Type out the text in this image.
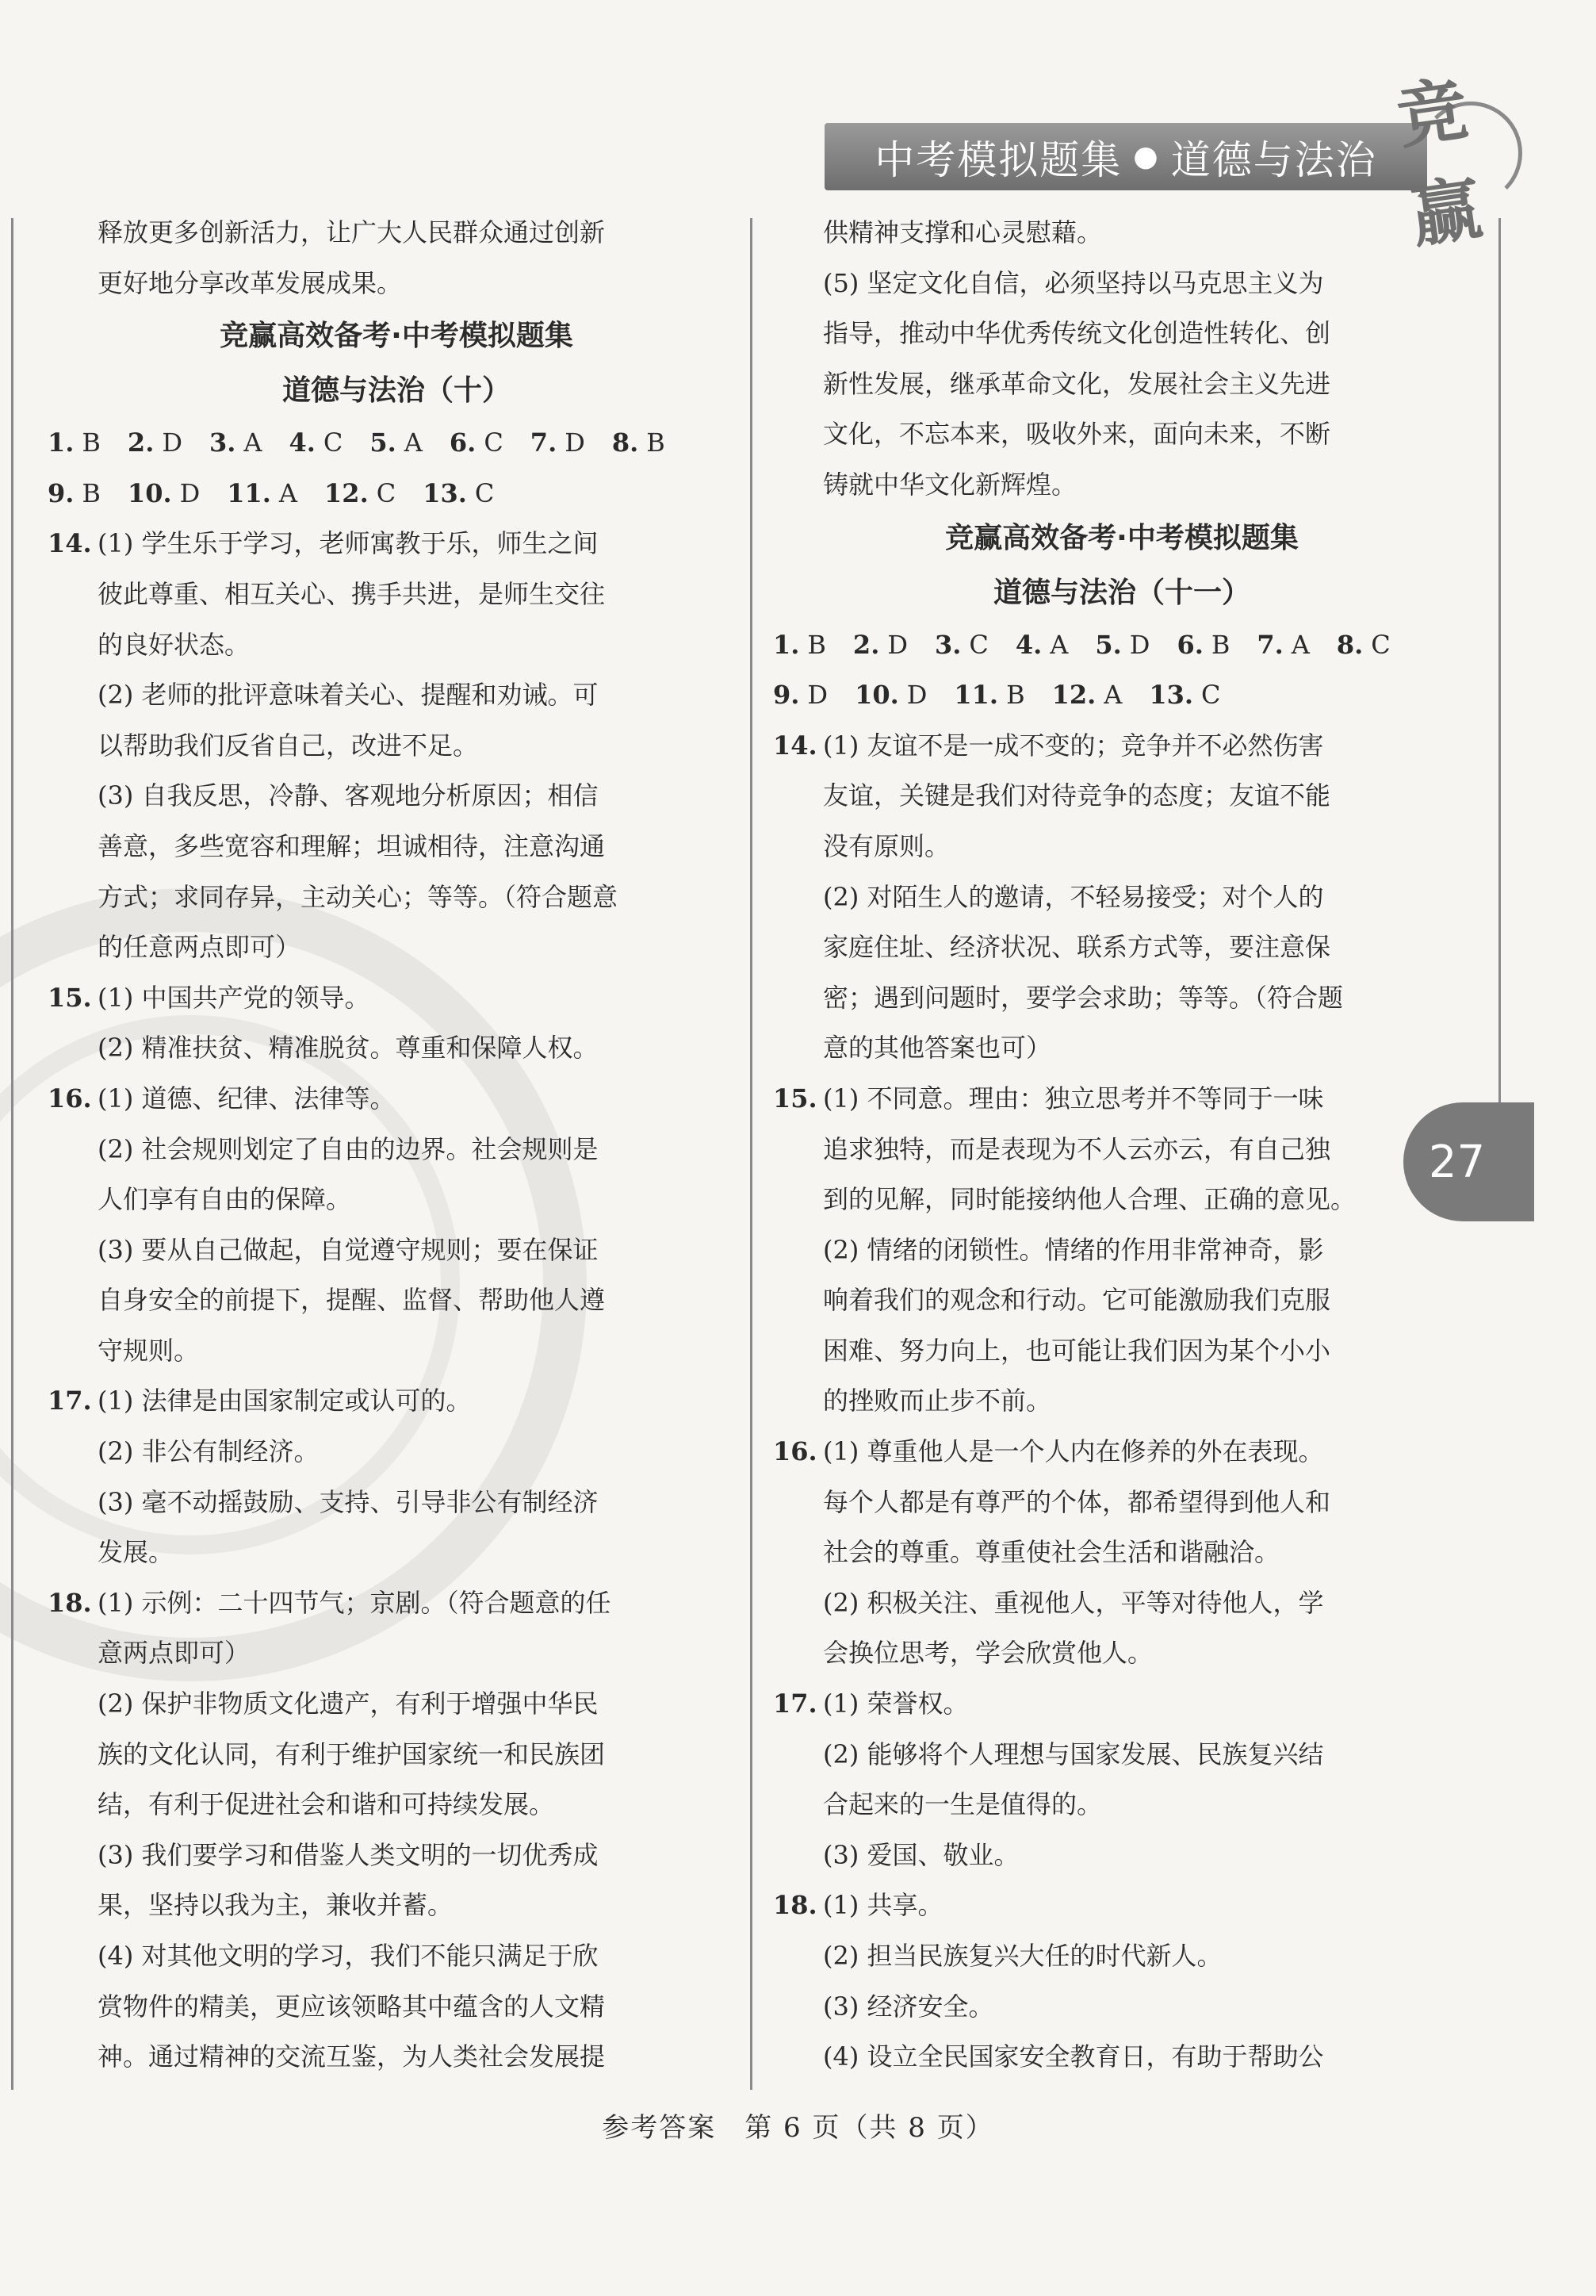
中考模拟题集 ● 道德与法治
竞赢
27
释放更多创新活力，让广大人民群众通过创新
更好地分享改革发展成果。
竞赢高效备考·中考模拟题集
道德与法治（十）
1. B 2. D 3. A 4. C 5. A 6. C 7. D 8. B
9. B 10. D 11. A 12. C 13. C
14. (1) 学生乐于学习，老师寓教于乐，师生之间
彼此尊重、相互关心、携手共进，是师生交往
的良好状态。
(2) 老师的批评意味着关心、提醒和劝诫。可
以帮助我们反省自己，改进不足。
(3) 自我反思，冷静、客观地分析原因；相信
善意，多些宽容和理解；坦诚相待，注意沟通
方式；求同存异，主动关心；等等。（符合题意
的任意两点即可）
15. (1) 中国共产党的领导。
(2) 精准扶贫、精准脱贫。尊重和保障人权。
16. (1) 道德、纪律、法律等。
(2) 社会规则划定了自由的边界。社会规则是
人们享有自由的保障。
(3) 要从自己做起，自觉遵守规则；要在保证
自身安全的前提下，提醒、监督、帮助他人遵
守规则。
17. (1) 法律是由国家制定或认可的。
(2) 非公有制经济。
(3) 毫不动摇鼓励、支持、引导非公有制经济
发展。
18. (1) 示例：二十四节气；京剧。（符合题意的任
意两点即可）
(2) 保护非物质文化遗产，有利于增强中华民
族的文化认同，有利于维护国家统一和民族团
结，有利于促进社会和谐和可持续发展。
(3) 我们要学习和借鉴人类文明的一切优秀成
果，坚持以我为主，兼收并蓄。
(4) 对其他文明的学习，我们不能只满足于欣
赏物件的精美，更应该领略其中蕴含的人文精
神。通过精神的交流互鉴，为人类社会发展提
供精神支撑和心灵慰藉。
(5) 坚定文化自信，必须坚持以马克思主义为
指导，推动中华优秀传统文化创造性转化、创
新性发展，继承革命文化，发展社会主义先进
文化，不忘本来，吸收外来，面向未来，不断
铸就中华文化新辉煌。
竞赢高效备考·中考模拟题集
道德与法治（十一）
1. B 2. D 3. C 4. A 5. D 6. B 7. A 8. C
9. D 10. D 11. B 12. A 13. C
14. (1) 友谊不是一成不变的；竞争并不必然伤害
友谊，关键是我们对待竞争的态度；友谊不能
没有原则。
(2) 对陌生人的邀请，不轻易接受；对个人的
家庭住址、经济状况、联系方式等，要注意保
密；遇到问题时，要学会求助；等等。（符合题
意的其他答案也可）
15. (1) 不同意。理由：独立思考并不等同于一味
追求独特，而是表现为不人云亦云，有自己独
到的见解，同时能接纳他人合理、正确的意见。
(2) 情绪的闭锁性。情绪的作用非常神奇，影
响着我们的观念和行动。它可能激励我们克服
困难、努力向上，也可能让我们因为某个小小
的挫败而止步不前。
16. (1) 尊重他人是一个人内在修养的外在表现。
每个人都是有尊严的个体，都希望得到他人和
社会的尊重。尊重使社会生活和谐融洽。
(2) 积极关注、重视他人，平等对待他人，学
会换位思考，学会欣赏他人。
17. (1) 荣誉权。
(2) 能够将个人理想与国家发展、民族复兴结
合起来的一生是值得的。
(3) 爱国、敬业。
18. (1) 共享。
(2) 担当民族复兴大任的时代新人。
(3) 经济安全。
(4) 设立全民国家安全教育日，有助于帮助公
参考答案　第 6 页（共 8 页）
